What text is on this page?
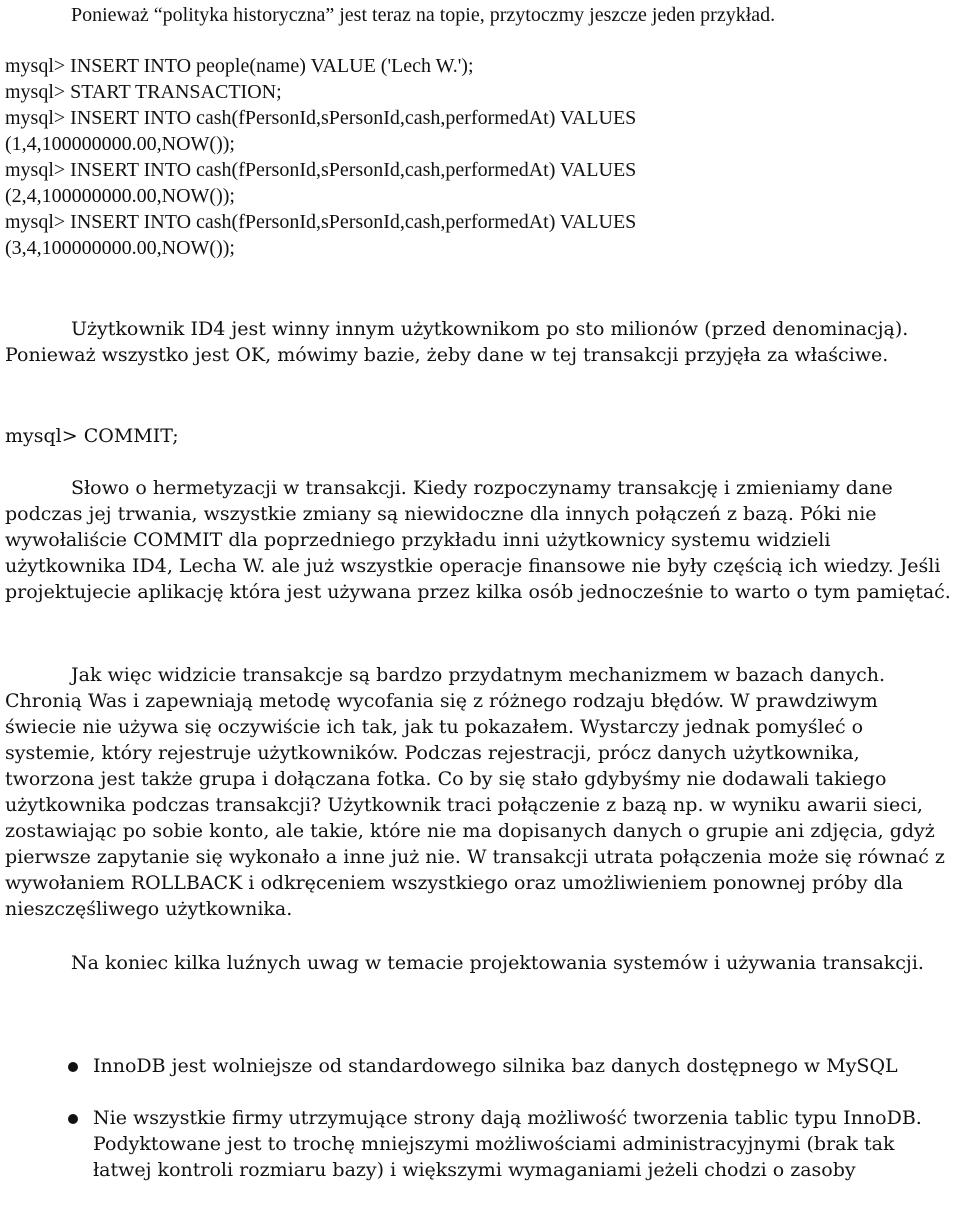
Ponieważ “polityka historyczna” jest teraz na topie, przytoczmy jeszcze jeden przykład.

mysql> INSERT INTO people(name) VALUE ('Lech W.');
mysql> START TRANSACTION;
mysql> INSERT INTO cash(fPersonId,sPersonId,cash,performedAt) VALUES
(1,4,100000000.00,NOW());
mysql> INSERT INTO cash(fPersonId,sPersonId,cash,performedAt) VALUES
(2,4,100000000.00,NOW());
mysql> INSERT INTO cash(fPersonId,sPersonId,cash,performedAt) VALUES
(3,4,100000000.00,NOW());

Użytkownik ID4 jest winny innym użytkownikom po sto milionów (przed denominacją). Ponieważ wszystko jest OK, mówimy bazie, żeby dane w tej transakcji przyjęła za właściwe.

mysql> COMMIT;

Słowo o hermetyzacji w transakcji. Kiedy rozpoczynamy transakcję i zmieniamy dane podczas jej trwania, wszystkie zmiany są niewidoczne dla innych połączeń z bazą. Póki nie wywołaliście COMMIT dla poprzedniego przykładu inni użytkownicy systemu widzieli użytkownika ID4, Lecha W. ale już wszystkie operacje finansowe nie były częścią ich wiedzy. Jeśli projektujecie aplikację która jest używana przez kilka osób jednocześnie to warto o tym pamiętać.

Jak więc widzicie transakcje są bardzo przydatnym mechanizmem w bazach danych. Chronią Was i zapewniają metodę wycofania się z różnego rodzaju błędów. W prawdziwym świecie nie używa się oczywiście ich tak, jak tu pokazałem. Wystarczy jednak pomyśleć o systemie, który rejestruje użytkowników. Podczas rejestracji, prócz danych użytkownika, tworzona jest także grupa i dołączana fotka. Co by się stało gdybyśmy nie dodawali takiego użytkownika podczas transakcji? Użytkownik traci połączenie z bazą np. w wyniku awarii sieci, zostawiając po sobie konto, ale takie, które nie ma dopisanych danych o grupie ani zdjęcia, gdyż pierwsze zapytanie się wykonało a inne już nie. W transakcji utrata połączenia może się równać z wywołaniem ROLLBACK i odkręceniem wszystkiego oraz umożliwieniem ponownej próby dla nieszczęśliwego użytkownika.

Na koniec kilka luźnych uwag w temacie projektowania systemów i używania transakcji.

InnoDB jest wolniejsze od standardowego silnika baz danych dostępnego w MySQL
Nie wszystkie firmy utrzymujące strony dają możliwość tworzenia tablic typu InnoDB. Podyktowane jest to trochę mniejszymi możliwościami administracyjnymi (brak tak łatwej kontroli rozmiaru bazy) i większymi wymaganiami jeżeli chodzi o zasoby
